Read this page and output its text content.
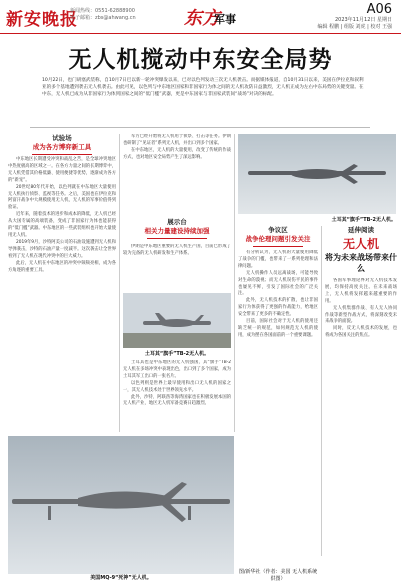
新安晚报
新闻热线：0551-62888900
电子邮箱：zbs@ahwang.cn	东方
军事
A06
2023年11月12日 星期日
编辑 程鹏 | 组版 刘虎 | 校对 王强
无人机搅动中东安全局势
10月22日，也门胡塞武装称，自10月7日巴以新一轮冲突爆发以来，已对以色列发动三次无人机袭击。而据媒体报道，自10月31日以来，美国在伊拉克和叙利亚的多个基地遭到袭击无人机袭击。由此可见，以色列与中东地区国家和非国家行为体之间的无人机攻防日益激烈，无人机正成为左右中东局势的关键变量。在中东，无人机已成为从非国家行为体到国家之间的“低门槛”武器，更是中东国家与非国家武装间“战场”对决的标配。
试验场
成为各方博弈新工具

中东地区长期遭受冲突和战乱之苦，是全球冲突地区中热度极高的区域之一。在各方力量之间的长期博弈中，无人机凭借其价格低廉、使用便捷等优势，逐渐成为各方的“新宠”。

20世纪80年代开始，以色列就在中东地区大量使用无人机执行侦察、监视等任务。之后，美国也在伊拉克和阿富汗战争中大规模使用无人机，无人机的军事价值得到验证。

近年来，随着技术的进步和成本的降低，无人机已经从大国专属的高端装备，变成了非国家行为体也能获得的“低门槛”武器。中东地区的一些武装组织也开始大量使用无人机。

2019年9月，沙特阿美公司的石油设施遭到无人机和导弹袭击，沙特的石油产量一度减半。这次袭击让全世界看到了无人机在现代冲突中的巨大威力。

此后，无人机在中东地区的冲突中频频亮相，成为各方角逐的重要工具。

军方已经开始将无人机用于侦察、打击等任务。伊朗也研制了“见证者”系列无人机，并出口到多个国家。

在中东地区，无人机的大量使用，改变了传统的作战方式，也对地区安全局势产生了深远影响。

展示台
相关力量建设持续加强

伊朗是中东地区重要的无人机生产国，目前已形成了较为完备的无人机研发和生产体系。

土耳其“旗手”TB-2无人机。

土耳其也是中东地区的无人机强国，其“旗手”TB-2无人机在多场冲突中表现出色，出口到了多个国家，成为土耳其军工出口的一张名片。

以色列则是世界上最早使用和出口无人机的国家之一，其无人机技术处于世界领先水平。

此外，沙特、阿联酋等海湾国家也在积极发展本国的无人机产业，地区无人机军备竞赛日趋激烈。

土耳其“旗手”TB-2无人机。
争议区
战争伦理问题引发关注

有分析认为，无人机的大量使用降低了战争的门槛，也带来了一系列伦理和法律问题。

无人机操作人员远离战场，可能导致对生命的漠视；而无人机误伤平民的事件也屡见不鲜，引发了国际社会的广泛关注。

此外，无人机技术的扩散，也让非国家行为体获得了更强的作战能力，给地区安全带来了更多的不确定性。

目前，国际社会对于无人机的使用还缺乏统一的规范，如何规范无人机的使用，成为摆在各国面前的一个重要课题。

图/新华社（作者：美国 无人机系统供图）
延伸阅读
无人机
将为未来战场带来什么

各国军事理论界对无人机技术发展，均保持高度关注。在未来战场上，无人机将发挥越来越重要的作用。

无人机集群作战、有人无人协同作战等新型作战方式，将深刻改变未来战争的面貌。

同时，反无人机技术的发展，也将成为各国关注的焦点。

美国MQ-9“死神”无人机。
